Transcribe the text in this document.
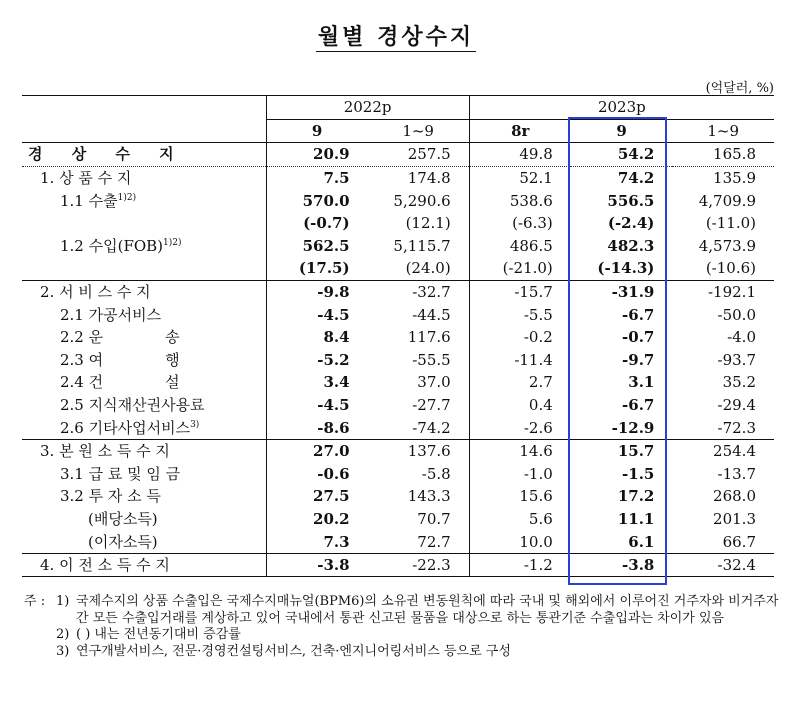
월별 경상수지
(억달러, %)
	2022p		2023p		
	9	1~9	8r	9	1~9
경 상 수 지	20.9	257.5	49.8	54.2	165.8
1. 상 품 수 지	7.5	174.8	52.1	74.2	135.9
1.1 수출$^{1)2)}$	570.0	5,290.6	538.6	556.5	4,709.9
	(-0.7)	(12.1)	(-6.3)	(-2.4)	(-11.0)
1.2 수입(FOB)$^{1)2)}$	562.5	5,115.7	486.5	482.3	4,573.9
	(17.5)	(24.0)	(-21.0)	(-14.3)	(-10.6)
2. 서 비 스 수 지	-9.8	-32.7	-15.7	-31.9	-192.1
2.1 가공서비스	-4.5	-44.5	-5.5	-6.7	-50.0
2.2 운 송	8.4	117.6	-0.2	-0.7	-4.0
2.3 여 행	-5.2	-55.5	-11.4	-9.7	-93.7
2.4 건 설	3.4	37.0	2.7	3.1	35.2
2.5 지식재산권사용료	-4.5	-27.7	0.4	-6.7	-29.4
2.6 기타사업서비스$^{3)}$	-8.6	-74.2	-2.6	-12.9	-72.3
3. 본 원 소 득 수 지	27.0	137.6	14.6	15.7	254.4
3.1 급 료 및 임 금	-0.6	-5.8	-1.0	-1.5	-13.7
3.2 투 자 소 득	27.5	143.3	15.6	17.2	268.0
(배당소득)	20.2	70.7	5.6	11.1	201.3
(이자소득)	7.3	72.7	10.0	6.1	66.7
4. 이 전 소 득 수 지	-3.8	-22.3	-1.2	-3.8	-32.4
주 : 1) 국제수지의 상품 수출입은 국제수지매뉴얼(BPM6)의 소유권 변동원칙에 따라 국내 및 해외에서 이루어진 거주자와 비거주자 간 모든 수출입거래를 계상하고 있어 국내에서 통관 신고된 물품을 대상으로 하는 통관기준 수출입과는 차이가 있음
2) ( ) 내는 전년동기대비 증감률
3) 연구개발서비스, 전문·경영컨설팅서비스, 건축·엔지니어링서비스 등으로 구성
